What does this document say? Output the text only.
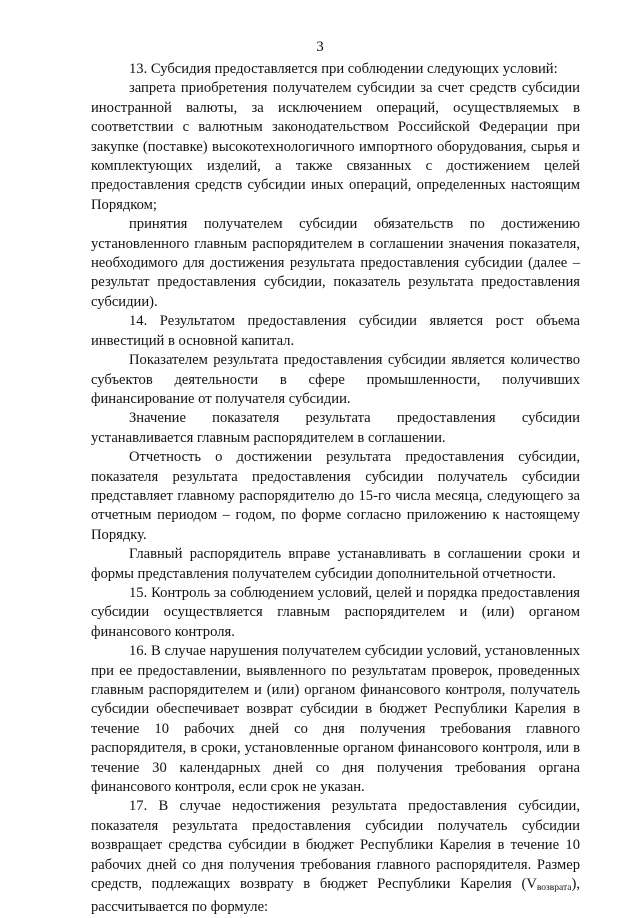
3

13. Субсидия предоставляется при соблюдении следующих условий:

запрета приобретения получателем субсидии за счет средств субсидии иностранной валюты, за исключением операций, осуществляемых в соответствии с валютным законодательством Российской Федерации при закупке (поставке) высокотехнологичного импортного оборудования, сырья и комплектующих изделий, а также связанных с достижением целей предоставления средств субсидии иных операций, определенных настоящим Порядком;

принятия получателем субсидии обязательств по достижению установленного главным распорядителем в соглашении значения показателя, необходимого для достижения результата предоставления субсидии (далее – результат предоставления субсидии, показатель результата предоставления субсидии).

14. Результатом предоставления субсидии является рост объема инвестиций в основной капитал.

Показателем результата предоставления субсидии является количество субъектов деятельности в сфере промышленности, получивших финансирование от получателя субсидии.

Значение показателя результата предоставления субсидии устанавливается главным распорядителем в соглашении.

Отчетность о достижении результата предоставления субсидии, показателя результата предоставления субсидии получатель субсидии представляет главному распорядителю до 15-го числа месяца, следующего за отчетным периодом – годом, по форме согласно приложению к настоящему Порядку.

Главный распорядитель вправе устанавливать в соглашении сроки и формы представления получателем субсидии дополнительной отчетности.

15. Контроль за соблюдением условий, целей и порядка предоставления субсидии осуществляется главным распорядителем и (или) органом финансового контроля.

16. В случае нарушения получателем субсидии условий, установленных при ее предоставлении, выявленного по результатам проверок, проведенных главным распорядителем и (или) органом финансового контроля, получатель субсидии обеспечивает возврат субсидии в бюджет Республики Карелия в течение 10 рабочих дней со дня получения требования главного распорядителя, в сроки, установленные органом финансового контроля, или в течение 30 календарных дней со дня получения требования органа финансового контроля, если срок не указан.

17. В случае недостижения результата предоставления субсидии, показателя результата предоставления субсидии получатель субсидии возвращает средства субсидии в бюджет Республики Карелия в течение 10 рабочих дней со дня получения требования главного распорядителя. Размер средств, подлежащих возврату в бюджет Республики Карелия $(V_{возврата})$, рассчитывается по формуле:
